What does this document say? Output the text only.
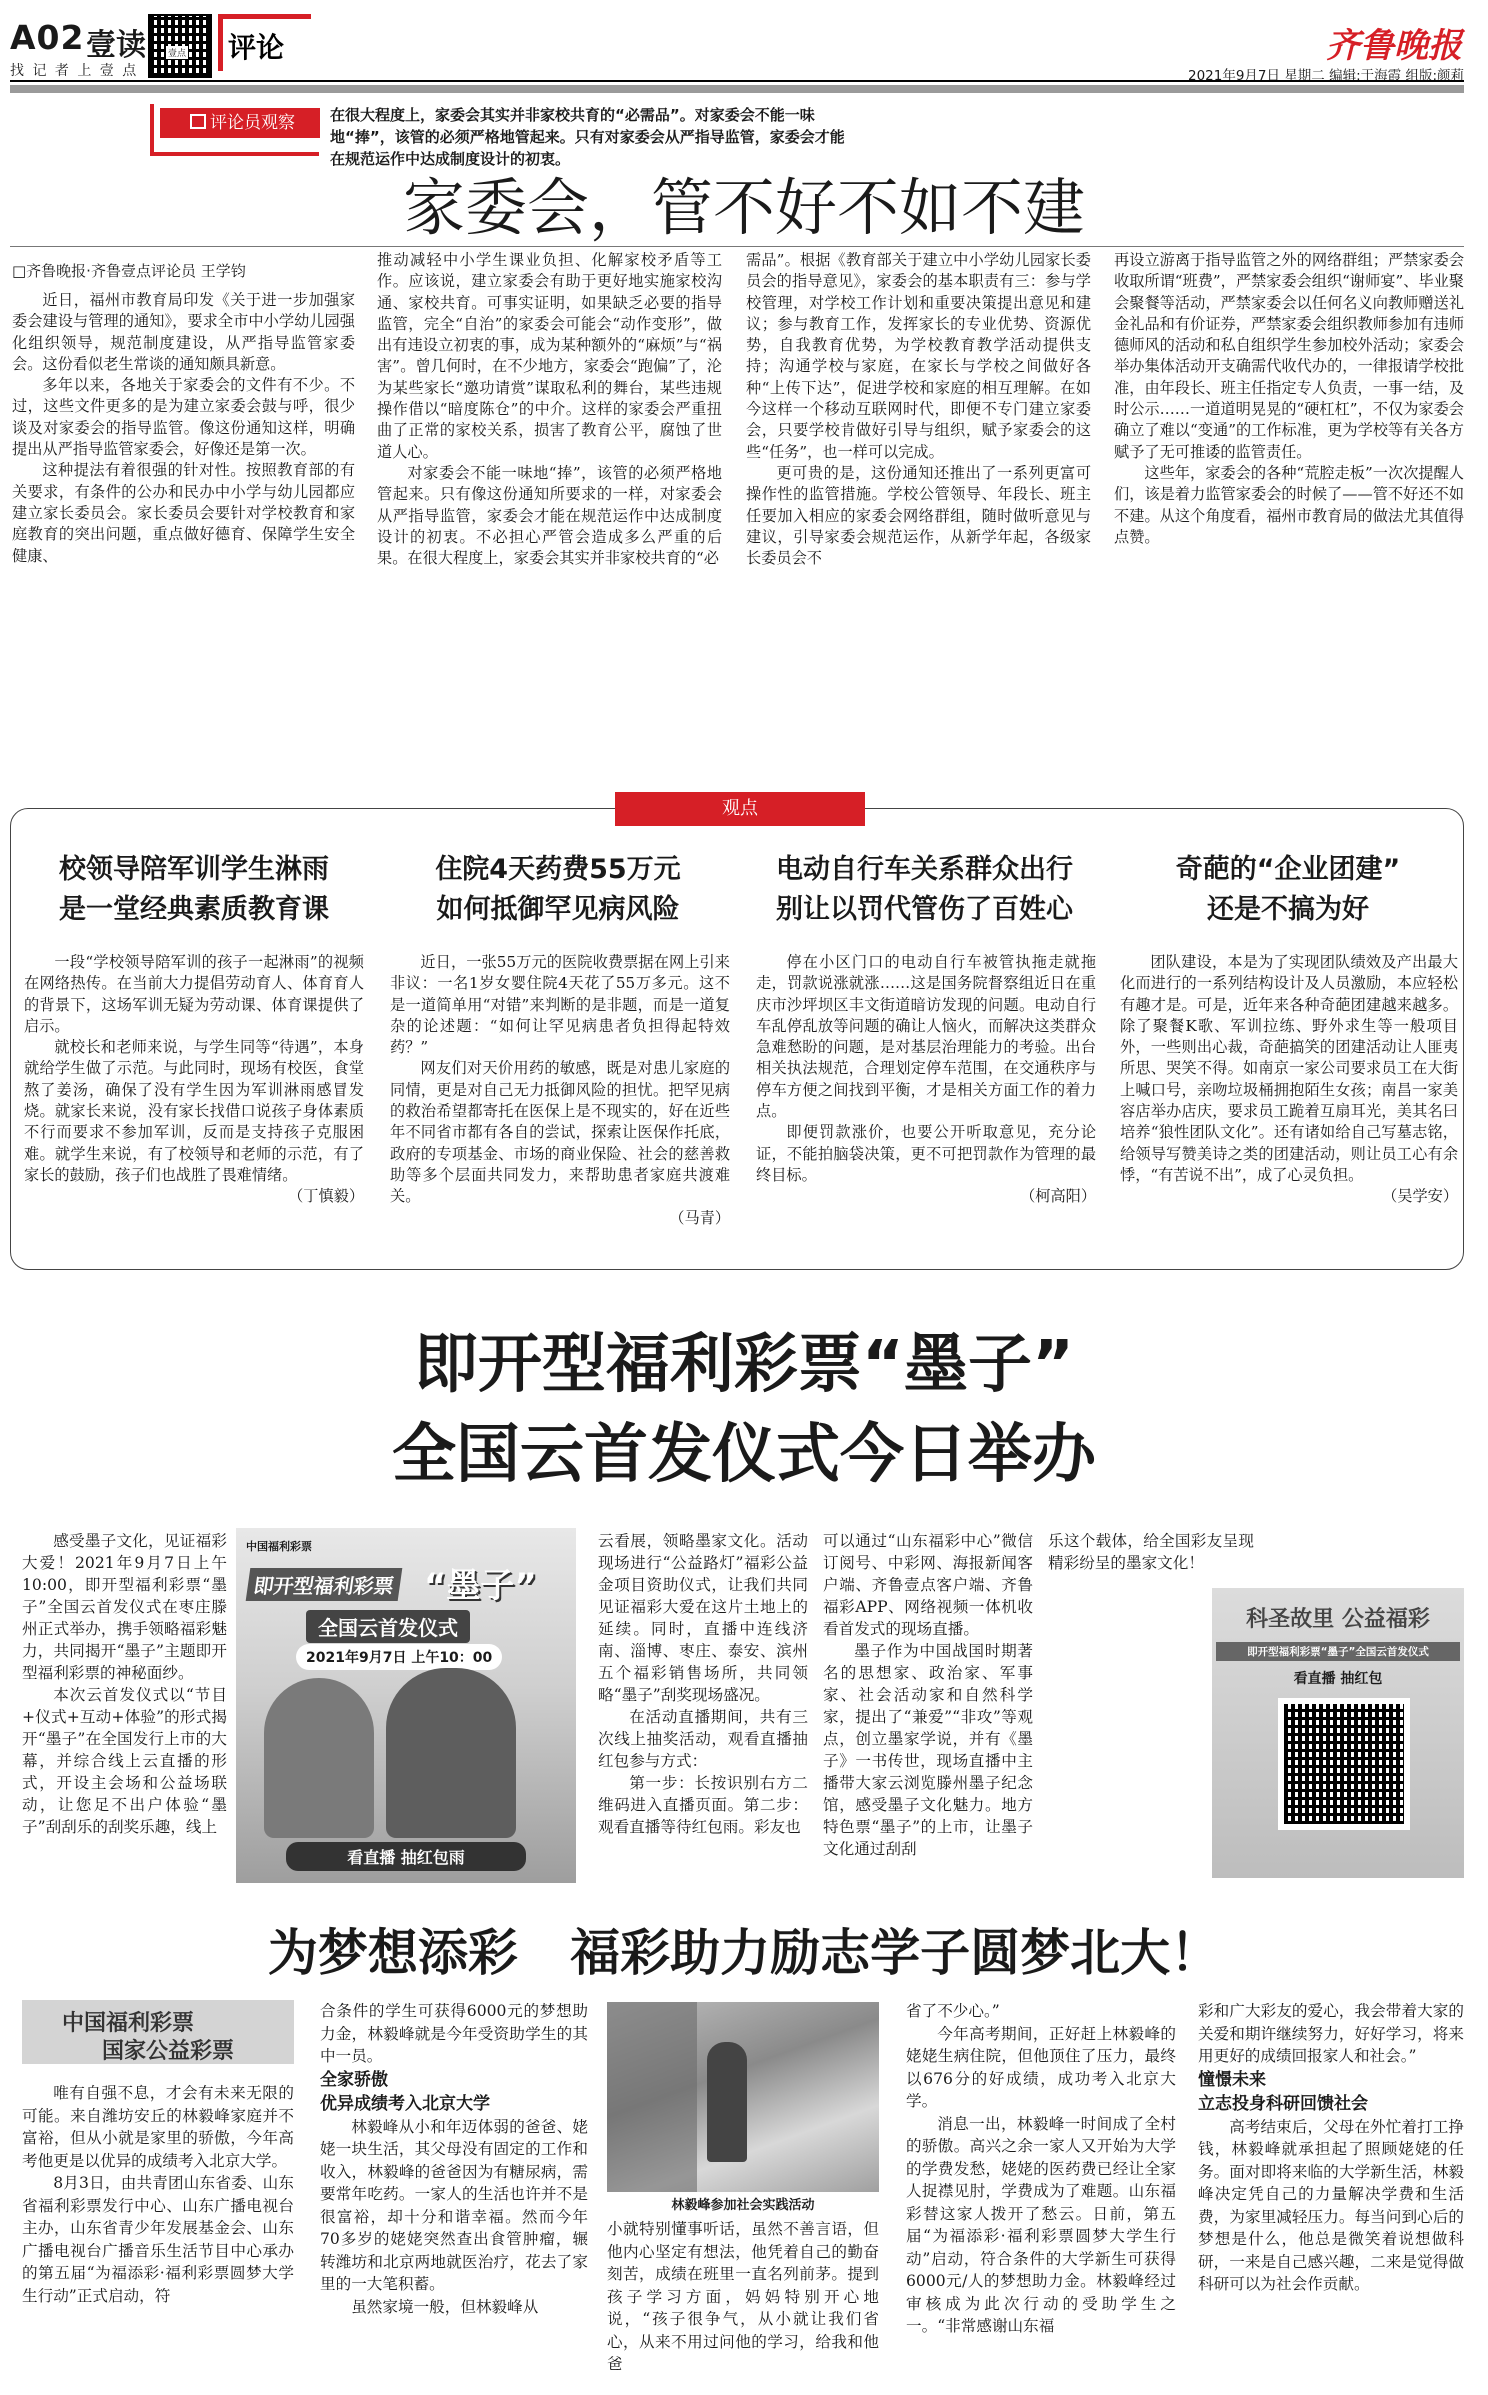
A02 壹读
找 记 者 上 壹 点
壹点 评论	齐鲁晚报
2021年9月7日 星期二 编辑:于海霞 组版:颜莉
评论员观察	在很大程度上，家委会其实并非家校共育的“必需品”。对家委会不能一味地“捧”，该管的必须严格地管起来。只有对家委会从严指导监管，家委会才能在规范运作中达成制度设计的初衷。
家委会，管不好不如不建
□齐鲁晚报·齐鲁壹点评论员 王学钧

近日，福州市教育局印发《关于进一步加强家委会建设与管理的通知》，要求全市中小学幼儿园强化组织领导，规范制度建设，从严指导监管家委会。这份看似老生常谈的通知颇具新意。

多年以来，各地关于家委会的文件有不少。不过，这些文件更多的是为建立家委会鼓与呼，很少谈及对家委会的指导监管。像这份通知这样，明确提出从严指导监管家委会，好像还是第一次。

这种提法有着很强的针对性。按照教育部的有关要求，有条件的公办和民办中小学与幼儿园都应建立家长委员会。家长委员会要针对学校教育和家庭教育的突出问题，重点做好德育、保障学生安全健康、

推动减轻中小学生课业负担、化解家校矛盾等工作。应该说，建立家委会有助于更好地实施家校沟通、家校共育。可事实证明，如果缺乏必要的指导监管，完全“自治”的家委会可能会“动作变形”，做出有违设立初衷的事，成为某种额外的“麻烦”与“祸害”。曾几何时，在不少地方，家委会“跑偏”了，沦为某些家长“邀功请赏”谋取私利的舞台，某些违规操作借以“暗度陈仓”的中介。这样的家委会严重扭曲了正常的家校关系，损害了教育公平，腐蚀了世道人心。

对家委会不能一味地“捧”，该管的必须严格地管起来。只有像这份通知所要求的一样，对家委会从严指导监管，家委会才能在规范运作中达成制度设计的初衷。不必担心严管会造成多么严重的后果。在很大程度上，家委会其实并非家校共育的“必

需品”。根据《教育部关于建立中小学幼儿园家长委员会的指导意见》，家委会的基本职责有三：参与学校管理，对学校工作计划和重要决策提出意见和建议；参与教育工作，发挥家长的专业优势、资源优势，自我教育优势，为学校教育教学活动提供支持；沟通学校与家庭，在家长与学校之间做好各种“上传下达”，促进学校和家庭的相互理解。在如今这样一个移动互联网时代，即便不专门建立家委会，只要学校肯做好引导与组织，赋予家委会的这些“任务”，也一样可以完成。

更可贵的是，这份通知还推出了一系列更富可操作性的监管措施。学校公管领导、年段长、班主任要加入相应的家委会网络群组，随时做听意见与建议，引导家委会规范运作，从新学年起，各级家长委员会不

再设立游离于指导监管之外的网络群组；严禁家委会收取所谓“班费”，严禁家委会组织“谢师宴”、毕业聚会聚餐等活动，严禁家委会以任何名义向教师赠送礼金礼品和有价证券，严禁家委会组织教师参加有违师德师风的活动和私自组织学生参加校外活动；家委会举办集体活动开支确需代收代办的，一律报请学校批准，由年段长、班主任指定专人负责，一事一结，及时公示……一道道明晃晃的“硬杠杠”，不仅为家委会确立了难以“变通”的工作标准，更为学校等有关各方赋予了无可推诿的监管责任。

这些年，家委会的各种“荒腔走板”一次次提醒人们，该是着力监管家委会的时候了——管不好还不如不建。从这个角度看，福州市教育局的做法尤其值得点赞。

观点
校领导陪军训学生淋雨
是一堂经典素质教育课

一段“学校领导陪军训的孩子一起淋雨”的视频在网络热传。在当前大力提倡劳动育人、体育育人的背景下，这场军训无疑为劳动课、体育课提供了启示。
就校长和老师来说，与学生同等“待遇”，本身就给学生做了示范。与此同时，现场有校医，食堂熬了姜汤，确保了没有学生因为军训淋雨感冒发烧。就家长来说，没有家长找借口说孩子身体素质不行而要求不参加军训，反而是支持孩子克服困难。就学生来说，有了校领导和老师的示范，有了家长的鼓励，孩子们也战胜了畏难情绪。

（丁慎毅）
住院4天药费55万元
如何抵御罕见病风险

近日，一张55万元的医院收费票据在网上引来非议：一名1岁女婴住院4天花了55万多元。这不是一道简单用“对错”来判断的是非题，而是一道复杂的论述题：“如何让罕见病患者负担得起特效药？”
网友们对天价用药的敏感，既是对患儿家庭的同情，更是对自己无力抵御风险的担忧。把罕见病的救治希望都寄托在医保上是不现实的，好在近些年不同省市都有各自的尝试，探索让医保作托底，政府的专项基金、市场的商业保险、社会的慈善救助等多个层面共同发力，来帮助患者家庭共渡难关。

（马青）
电动自行车关系群众出行
别让以罚代管伤了百姓心

停在小区门口的电动自行车被管执拖走就拖走，罚款说涨就涨……这是国务院督察组近日在重庆市沙坪坝区丰文街道暗访发现的问题。电动自行车乱停乱放等问题的确让人恼火，而解决这类群众急难愁盼的问题，是对基层治理能力的考验。出台相关执法规范，合理划定停车范围，在交通秩序与停车方便之间找到平衡，才是相关方面工作的着力点。
即便罚款涨价，也要公开听取意见，充分论证，不能拍脑袋决策，更不可把罚款作为管理的最终目标。

（柯高阳）
奇葩的“企业团建”
还是不搞为好

团队建设，本是为了实现团队绩效及产出最大化而进行的一系列结构设计及人员激励，本应轻松有趣才是。可是，近年来各种奇葩团建越来越多。除了聚餐K歌、军训拉练、野外求生等一般项目外，一些则出心裁，奇葩搞笑的团建活动让人匪夷所思、哭笑不得。如南京一家公司要求员工在大街上喊口号，亲吻垃圾桶拥抱陌生女孩；南昌一家美容店举办店庆，要求员工跪着互扇耳光，美其名曰培养“狼性团队文化”。还有诸如给自己写墓志铭，给领导写赞美诗之类的团建活动，则让员工心有余悸，“有苦说不出”，成了心灵负担。

（吴学安）
即开型福利彩票“墨子”
全国云首发仪式今日举办

感受墨子文化，见证福彩大爱！2021年9月7日上午10:00，即开型福利彩票“墨子”全国云首发仪式在枣庄滕州正式举办，携手领略福彩魅力，共同揭开“墨子”主题即开型福利彩票的神秘面纱。

本次云首发仪式以“节目+仪式+互动+体验”的形式揭开“墨子”在全国发行上市的大幕，并综合线上云直播的形式，开设主会场和公益场联动，让您足不出户体验“墨子”刮刮乐的刮奖乐趣，线上

中国福利彩票
即开型福利彩票 “墨子”
全国云首发仪式
2021年9月7日 上午10：00
看直播 抽红包雨

云看展，领略墨家文化。活动现场进行“公益路灯”福彩公益金项目资助仪式，让我们共同见证福彩大爱在这片土地上的延续。同时，直播中连线济南、淄博、枣庄、泰安、滨州五个福彩销售场所，共同领略“墨子”刮奖现场盛况。

在活动直播期间，共有三次线上抽奖活动，观看直播抽红包参与方式：

第一步：长按识别右方二维码进入直播页面。第二步：观看直播等待红包雨。彩友也

可以通过“山东福彩中心”微信订阅号、中彩网、海报新闻客户端、齐鲁壹点客户端、齐鲁福彩APP、网络视频一体机收看首发式的现场直播。

墨子作为中国战国时期著名的思想家、政治家、军事家、社会活动家和自然科学家，提出了“兼爱”“非攻”等观点，创立墨家学说，并有《墨子》一书传世，现场直播中主播带大家云浏览滕州墨子纪念馆，感受墨子文化魅力。地方特色票“墨子”的上市，让墨子文化通过刮刮

乐这个载体，给全国彩友呈现精彩纷呈的墨家文化！

科圣故里 公益福彩
即开型福利彩票“墨子”全国云首发仪式
看直播 抽红包
为梦想添彩   福彩助力励志学子圆梦北大！
中国福利彩票
国家公益彩票

唯有自强不息，才会有未来无限的可能。来自潍坊安丘的林毅峰家庭并不富裕，但从小就是家里的骄傲，今年高考他更是以优异的成绩考入北京大学。

8月3日，由共青团山东省委、山东省福利彩票发行中心、山东广播电视台主办，山东省青少年发展基金会、山东广播电视台广播音乐生活节目中心承办的第五届“为福添彩·福利彩票圆梦大学生行动”正式启动，符

合条件的学生可获得6000元的梦想助力金，林毅峰就是今年受资助学生的其中一员。

全家骄傲

优异成绩考入北京大学

林毅峰从小和年迈体弱的爸爸、姥姥一块生活，其父母没有固定的工作和收入，林毅峰的爸爸因为有糖尿病，需要常年吃药。一家人的生活也许并不是很富裕，却十分和谐幸福。然而今年70多岁的姥姥突然查出食管肿瘤，辗转潍坊和北京两地就医治疗，花去了家里的一大笔积蓄。

虽然家境一般，但林毅峰从

林毅峰参加社会实践活动

小就特别懂事听话，虽然不善言语，但他内心坚定有想法，他凭着自己的勤奋刻苦，成绩在班里一直名列前茅。提到孩子学习方面，妈妈特别开心地说，“孩子很争气，从小就让我们省心，从来不用过问他的学习，给我和他爸

省了不少心。”

今年高考期间，正好赶上林毅峰的姥姥生病住院，但他顶住了压力，最终以676分的好成绩，成功考入北京大学。

消息一出，林毅峰一时间成了全村的骄傲。高兴之余一家人又开始为大学的学费发愁，姥姥的医药费已经让全家人捉襟见肘，学费成为了难题。山东福彩替这家人拨开了愁云。日前，第五届“为福添彩·福利彩票圆梦大学生行动”启动，符合条件的大学新生可获得6000元/人的梦想助力金。林毅峰经过审核成为此次行动的受助学生之一。“非常感谢山东福

彩和广大彩友的爱心，我会带着大家的关爱和期许继续努力，好好学习，将来用更好的成绩回报家人和社会。”

憧憬未来

立志投身科研回馈社会

高考结束后，父母在外忙着打工挣钱，林毅峰就承担起了照顾姥姥的任务。面对即将来临的大学新生活，林毅峰决定凭自己的力量解决学费和生活费，为家里减轻压力。每当问到心后的梦想是什么，他总是微笑着说想做科研，一来是自己感兴趣，二来是觉得做科研可以为社会作贡献。
